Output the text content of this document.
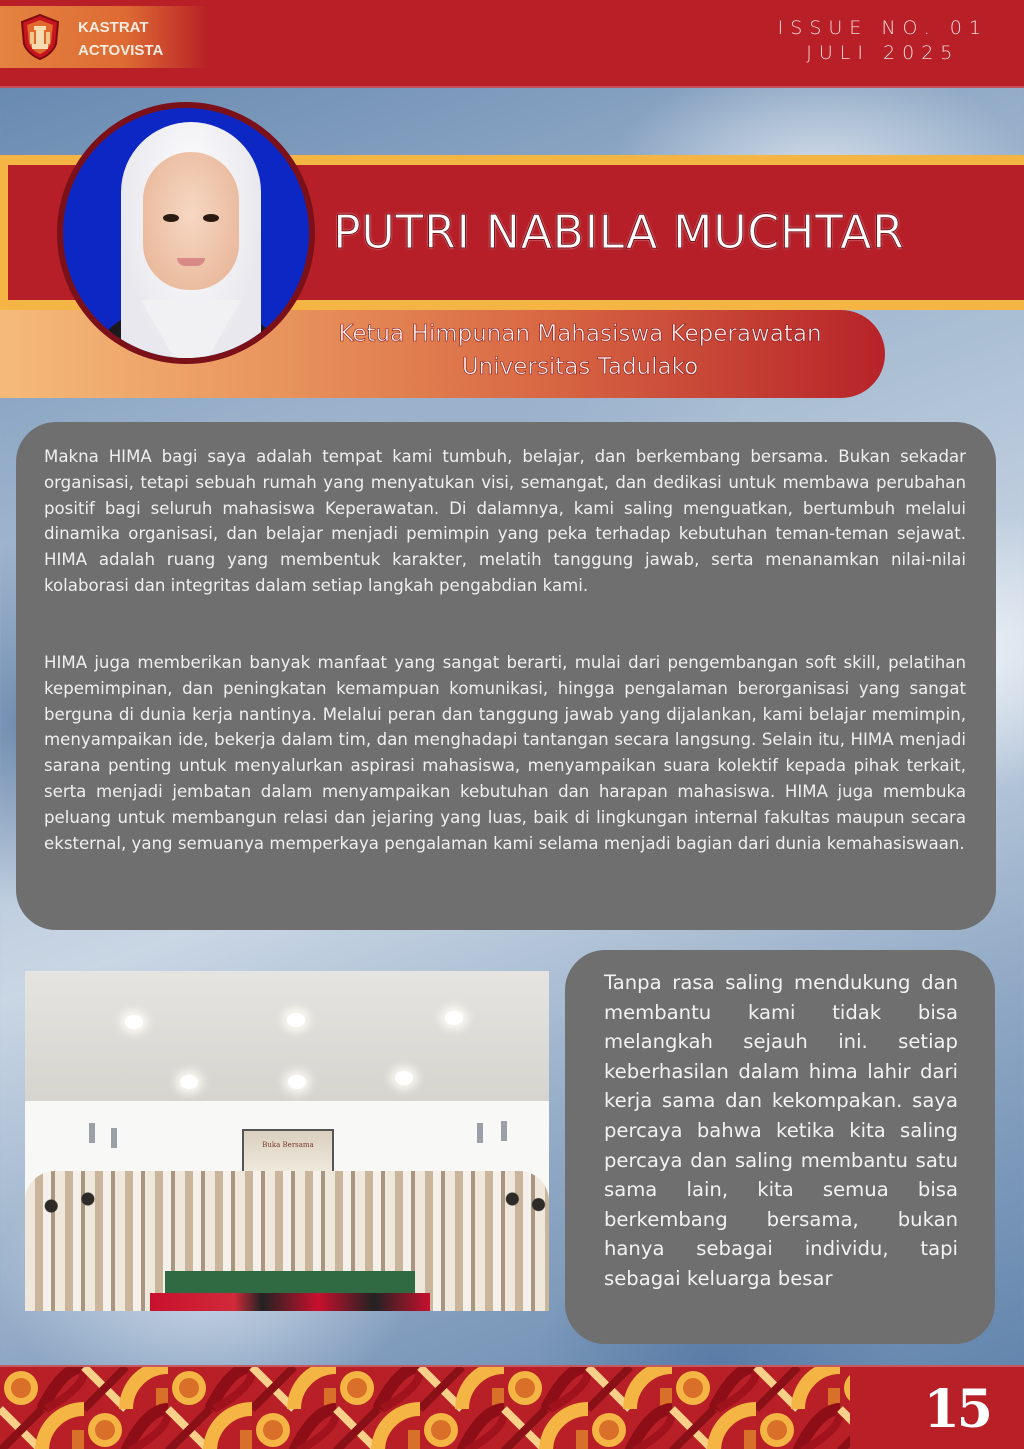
KASTRAT
ACTOVISTA
ISSUE NO. 01
JULI 2025
PUTRI NABILA MUCHTAR
Ketua Himpunan Mahasiswa Keperawatan
Universitas Tadulako

Makna HIMA bagi saya adalah tempat kami tumbuh, belajar, dan berkembang bersama. Bukan sekadar organisasi, tetapi sebuah rumah yang menyatukan visi, semangat, dan dedikasi untuk membawa perubahan positif bagi seluruh mahasiswa Keperawatan. Di dalamnya, kami saling menguatkan, bertumbuh melalui dinamika organisasi, dan belajar menjadi pemimpin yang peka terhadap kebutuhan teman-teman sejawat. HIMA adalah ruang yang membentuk karakter, melatih tanggung jawab, serta menanamkan nilai-nilai kolaborasi dan integritas dalam setiap langkah pengabdian kami.

HIMA juga memberikan banyak manfaat yang sangat berarti, mulai dari pengembangan soft skill, pelatihan kepemimpinan, dan peningkatan kemampuan komunikasi, hingga pengalaman berorganisasi yang sangat berguna di dunia kerja nantinya. Melalui peran dan tanggung jawab yang dijalankan, kami belajar memimpin, menyampaikan ide, bekerja dalam tim, dan menghadapi tantangan secara langsung. Selain itu, HIMA menjadi sarana penting untuk menyalurkan aspirasi mahasiswa, menyampaikan suara kolektif kepada pihak terkait, serta menjadi jembatan dalam menyampaikan kebutuhan dan harapan mahasiswa. HIMA juga membuka peluang untuk membangun relasi dan jejaring yang luas, baik di lingkungan internal fakultas maupun secara eksternal, yang semuanya memperkaya pengalaman kami selama menjadi bagian dari dunia kemahasiswaan.

Buka Bersama
Tanpa rasa saling mendukung dan membantu kami tidak bisa melangkah sejauh ini. setiap keberhasilan dalam hima lahir dari kerja sama dan kekompakan. saya percaya bahwa ketika kita saling percaya dan saling membantu satu sama lain, kita semua bisa berkembang bersama, bukan hanya sebagai individu, tapi sebagai keluarga besar
15
